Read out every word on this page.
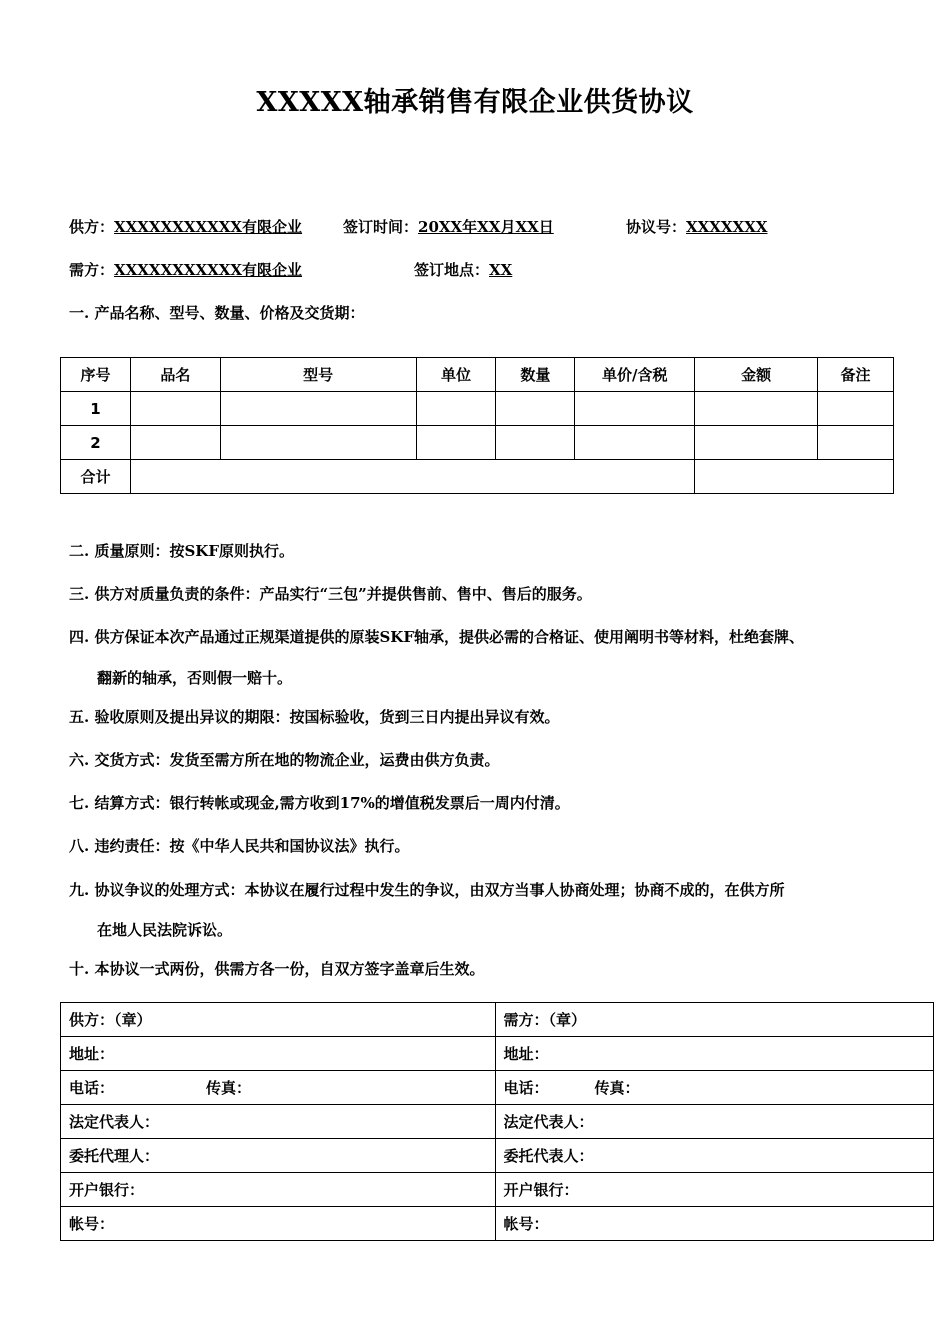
XXXXX轴承销售有限企业供货协议
供方：XXXXXXXXXXX有限企业	签订时间：20XX年XX月XX日	协议号：XXXXXXX
需方：XXXXXXXXXXX有限企业	签订地点：XX
一. 产品名称、型号、数量、价格及交货期：
序号	品名	型号	单位	数量	单价/含税	金额	备注
1							
2							
合计							
二. 质量原则：按SKF原则执行。
三. 供方对质量负责的条件：产品实行“三包”并提供售前、售中、售后的服务。
四. 供方保证本次产品通过正规渠道提供的原装SKF轴承，提供必需的合格证、使用阐明书等材料，杜绝套牌、
翻新的轴承，否则假一赔十。
五. 验收原则及提出异议的期限：按国标验收，货到三日内提出异议有效。
六. 交货方式：发货至需方所在地的物流企业，运费由供方负责。
七. 结算方式：银行转帐或现金,需方收到17%的增值税发票后一周内付清。
八. 违约责任：按《中华人民共和国协议法》执行。
九. 协议争议的处理方式：本协议在履行过程中发生的争议，由双方当事人协商处理；协商不成的，在供方所
在地人民法院诉讼。
十. 本协议一式两份，供需方各一份，自双方签字盖章后生效。
供方：（章）	需方：（章）
地址：	地址：
电话： 传真：	电话： 传真：
法定代表人：	法定代表人：
委托代理人：	委托代表人：
开户银行：	开户银行：
帐号：	帐号：
